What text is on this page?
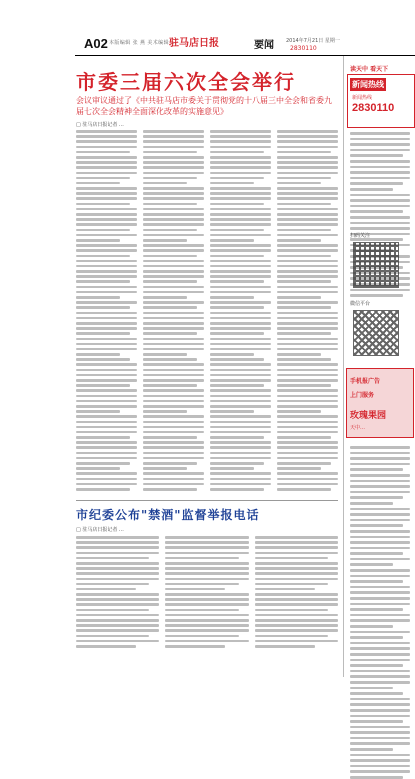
A02 本版编辑 张 燕 美术编辑 …
驻马店日报	要闻 2014年7月21日 星期一
2830110
市委三届六次全会举行
会议审议通过了《中共驻马店市委关于贯彻党的十八届三中全会和省委九届七次全会精神全面深化改革的实施意见》
□ 驻马店日报记者 …
市纪委公布"禁酒"监督举报电话
□ 驻马店日报记者 …
读天中 看天下
新闻热线
新闻热线
2830110
扫码关注
微信平台
手机报广告
上门服务
玫瑰果园
天中…
